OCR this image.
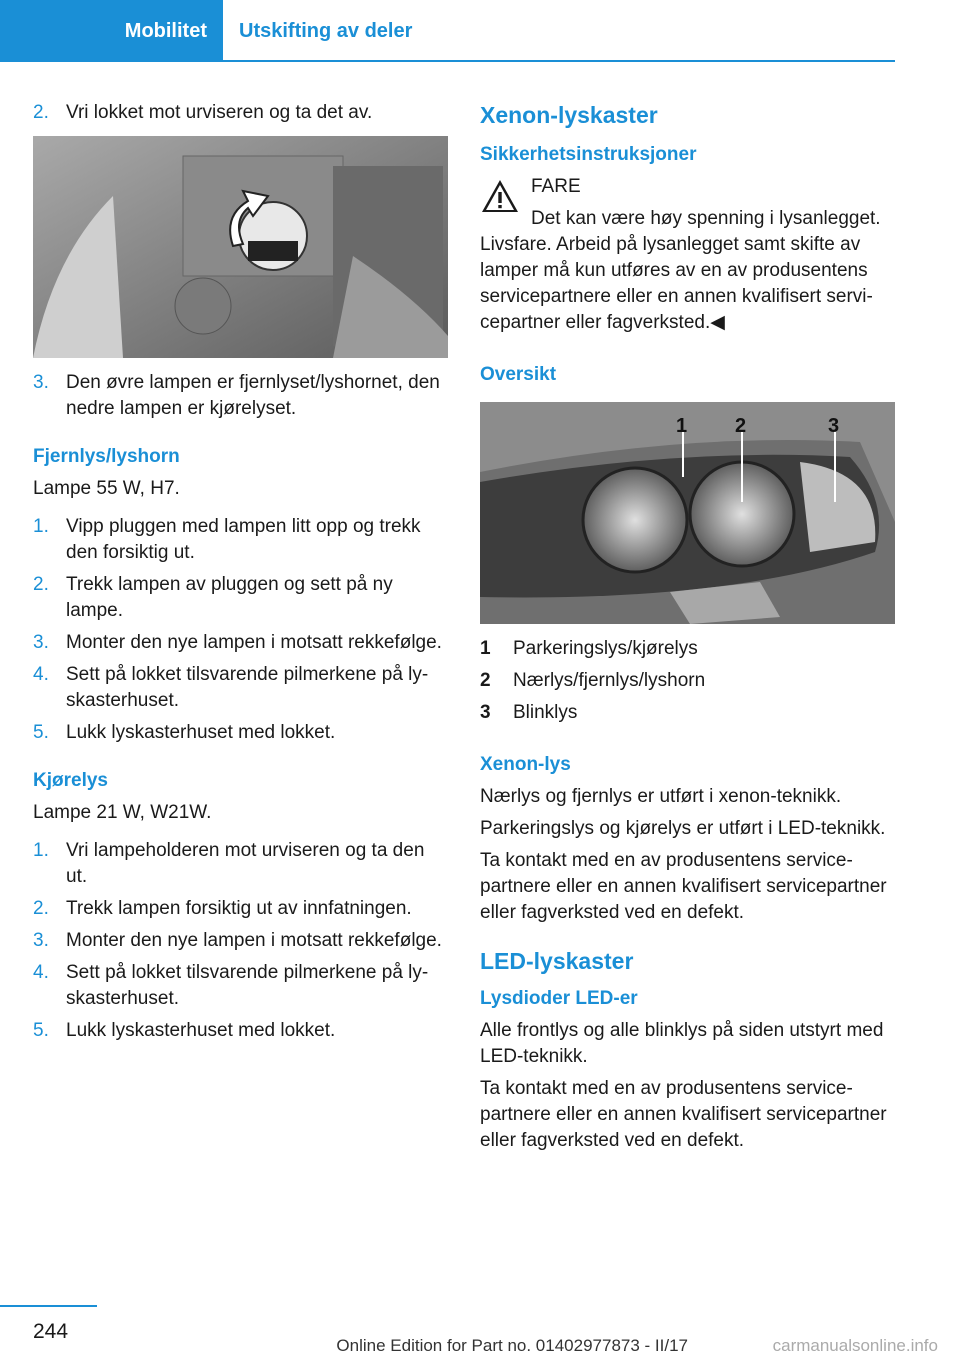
Mobilitet Utskifting av deler
2. Vri lokket mot urviseren og ta det av.
3. Den øvre lampen er fjernlyset/lyshornet, den nedre lampen er kjørelyset.
Fjernlys/lyshorn

Lampe 55 W, H7.

1. Vipp pluggen med lampen litt opp og trekk den forsiktig ut.
2. Trekk lampen av pluggen og sett på ny lampe.
3. Monter den nye lampen i motsatt rekkefølge.
4. Sett på lokket tilsvarende pilmerkene på lyskasterhuset.
5. Lukk lyskasterhuset med lokket.
Kjørelys

Lampe 21 W, W21W.

1. Vri lampeholderen mot urviseren og ta den ut.
2. Trekk lampen forsiktig ut av innfatningen.
3. Monter den nye lampen i motsatt rekkefølge.
4. Sett på lokket tilsvarende pilmerkene på lyskasterhuset.
5. Lukk lyskasterhuset med lokket.
Xenon-lyskaster
Sikkerhetsinstruksjoner

FARE

Det kan være høy spenning i lysanlegget.

Livsfare. Arbeid på lysanlegget samt skifte av lamper må kun utføres av en av produsentens servicepartnere eller en annen kvalifisert servicepartner eller fagverksted.◀

Oversikt
1 2	3
1	Parkeringslys/kjørelys
2	Nærlys/fjernlys/lyshorn
3	Blinklys
Xenon-lys

Nærlys og fjernlys er utført i xenon-teknikk.

Parkeringslys og kjørelys er utført i LED-teknikk.

Ta kontakt med en av produsentens servicepartnere eller en annen kvalifisert servicepartner eller fagverksted ved en defekt.

LED-lyskaster
Lysdioder LED-er

Alle frontlys og alle blinklys på siden utstyrt med LED-teknikk.

Ta kontakt med en av produsentens servicepartnere eller en annen kvalifisert servicepartner eller fagverksted ved en defekt.

244
Online Edition for Part no. 01402977873 - II/17	carmanualsonline.info
